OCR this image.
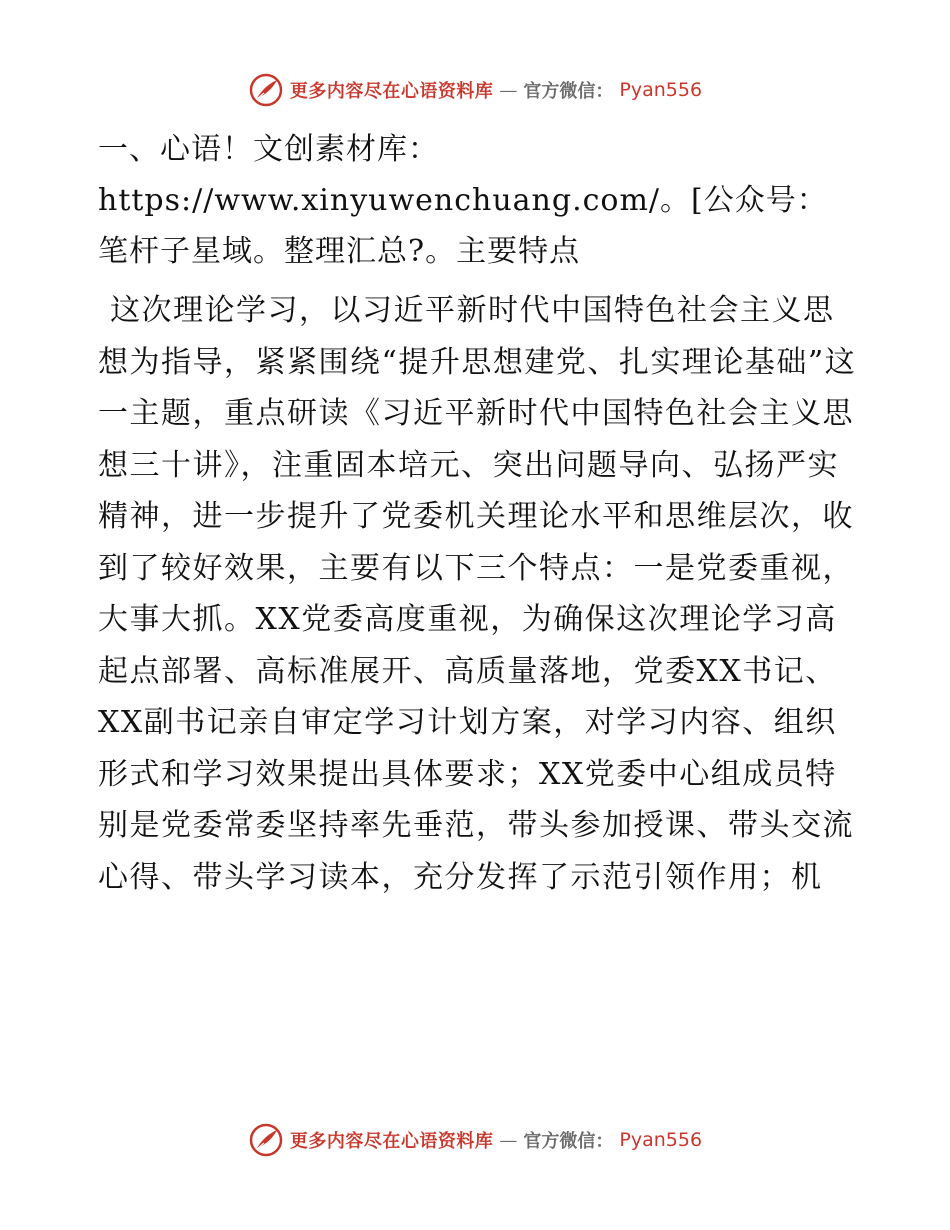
更多内容尽在心语资料库 — 官方微信： Pyan556

一、心语！文创素材库：https://www.xinyuwenchuang.com/。[公众号：笔杆子星域。整理汇总?。主要特点

这次理论学习，以习近平新时代中国特色社会主义思想为指导，紧紧围绕“提升思想建党、扎实理论基础”这一主题，重点研读《习近平新时代中国特色社会主义思想三十讲》，注重固本培元、突出问题导向、弘扬严实精神，进一步提升了党委机关理论水平和思维层次，收到了较好效果，主要有以下三个特点：一是党委重视，大事大抓。XX党委高度重视，为确保这次理论学习高起点部署、高标准展开、高质量落地，党委XX书记、XX副书记亲自审定学习计划方案，对学习内容、组织形式和学习效果提出具体要求；XX党委中心组成员特别是党委常委坚持率先垂范，带头参加授课、带头交流心得、带头学习读本，充分发挥了示范引领作用；机

更多内容尽在心语资料库 — 官方微信： Pyan556
